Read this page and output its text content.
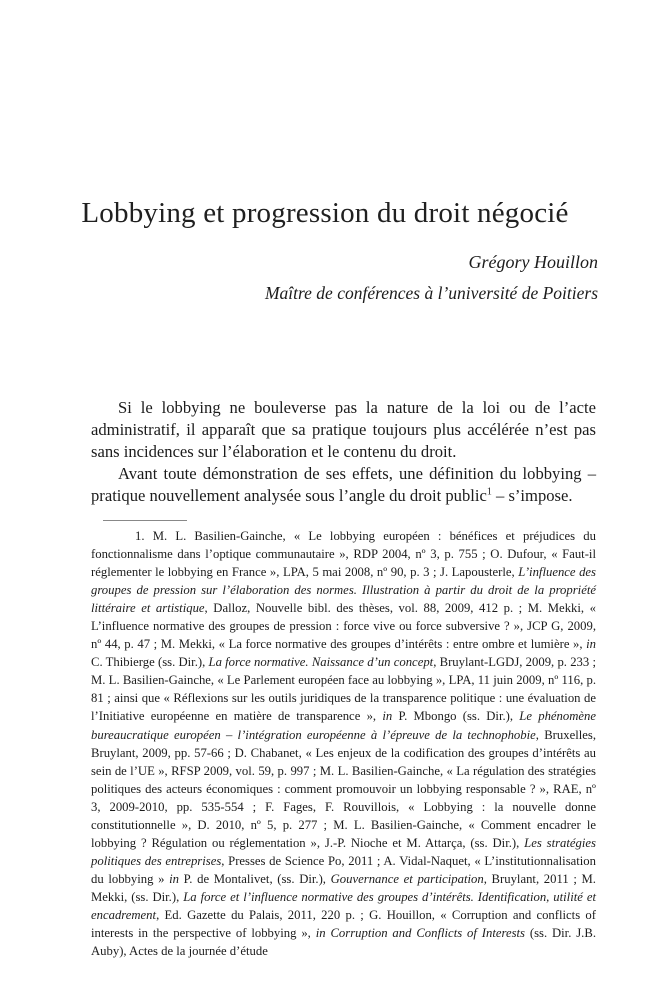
Lobbying et progression du droit négocié
Grégory Houillon
Maître de conférences à l’université de Poitiers

Si le lobbying ne bouleverse pas la nature de la loi ou de l’acte administratif, il apparaît que sa pratique toujours plus accélérée n’est pas sans incidences sur l’élaboration et le contenu du droit.

Avant toute démonstration de ses effets, une définition du lobbying – pratique nouvellement analysée sous l’angle du droit public$^1$ – s’impose.

1. M. L. Basilien-Gainche, « Le lobbying européen : bénéfices et préjudices du fonctionnalisme dans l’optique communautaire », RDP 2004, nº 3, p. 755 ; O. Dufour, « Faut-il réglementer le lobbying en France », LPA, 5 mai 2008, nº 90, p. 3 ; J. Lapousterle, L’influence des groupes de pression sur l’élaboration des normes. Illustration à partir du droit de la propriété littéraire et artistique, Dalloz, Nouvelle bibl. des thèses, vol. 88, 2009, 412 p. ; M. Mekki, « L’influence normative des groupes de pression : force vive ou force subversive ? », JCP G, 2009, nº 44, p. 47 ; M. Mekki, « La force normative des groupes d’intérêts : entre ombre et lumière », in C. Thibierge (ss. Dir.), La force normative. Naissance d’un concept, Bruylant-LGDJ, 2009, p. 233 ; M. L. Basilien-Gainche, « Le Parlement européen face au lobbying », LPA, 11 juin 2009, nº 116, p. 81 ; ainsi que « Réflexions sur les outils juridiques de la transparence politique : une évaluation de l’Initiative européenne en matière de transparence », in P. Mbongo (ss. Dir.), Le phénomène bureaucratique européen – l’intégration européenne à l’épreuve de la technophobie, Bruxelles, Bruylant, 2009, pp. 57-66 ; D. Chabanet, « Les enjeux de la codification des groupes d’intérêts au sein de l’UE », RFSP 2009, vol. 59, p. 997 ; M. L. Basilien-Gainche, « La régulation des stratégies politiques des acteurs économiques : comment promouvoir un lobbying responsable ? », RAE, nº 3, 2009-2010, pp. 535-554 ; F. Fages, F. Rouvillois, « Lobbying : la nouvelle donne constitutionnelle », D. 2010, nº 5, p. 277 ; M. L. Basilien-Gainche, « Comment encadrer le lobbying ? Régulation ou réglementation », J.-P. Nioche et M. Attarça, (ss. Dir.), Les stratégies politiques des entreprises, Presses de Science Po, 2011 ; A. Vidal-Naquet, « L’institutionnalisation du lobbying » in P. de Montalivet, (ss. Dir.), Gouvernance et participation, Bruylant, 2011 ; M. Mekki, (ss. Dir.), La force et l’influence normative des groupes d’intérêts. Identification, utilité et encadrement, Ed. Gazette du Palais, 2011, 220 p. ; G. Houillon, « Corruption and conflicts of interests in the perspective of lobbying », in Corruption and Conflicts of Interests (ss. Dir. J.B. Auby), Actes de la journée d’étude
